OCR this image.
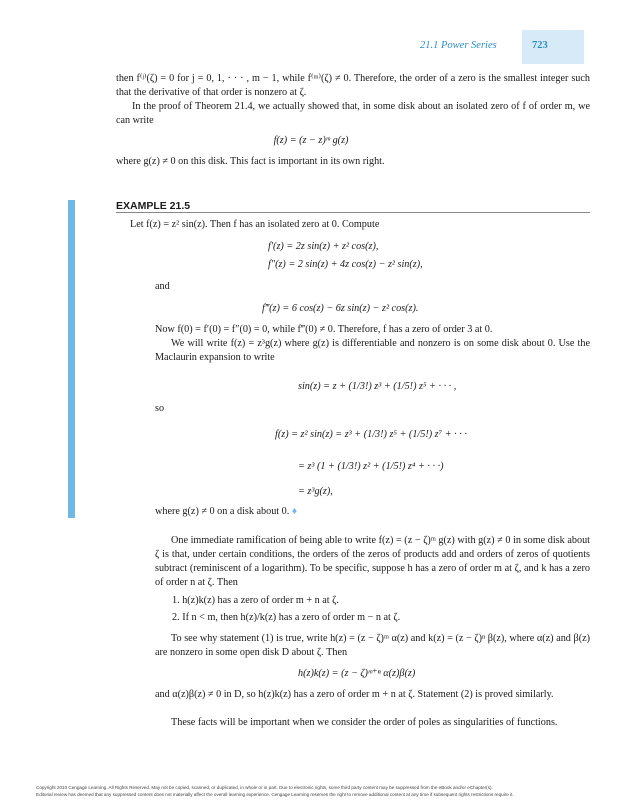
21.1 Power Series	723
then f⁽ʲ⁾(ζ) = 0 for j = 0, 1, · · · , m − 1, while f⁽ᵐ⁾(ζ) ≠ 0. Therefore, the order of a zero is the smallest integer such that the derivative of that order is nonzero at ζ.
In the proof of Theorem 21.4, we actually showed that, in some disk about an isolated zero of f of order m, we can write
f(z) = (z − z)ᵐ g(z)
where g(z) ≠ 0 on this disk. This fact is important in its own right.
EXAMPLE 21.5
Let f(z) = z² sin(z). Then f has an isolated zero at 0. Compute
f′(z) = 2z sin(z) + z² cos(z),
f″(z) = 2 sin(z) + 4z cos(z) − z² sin(z),
and
f‴(z) = 6 cos(z) − 6z sin(z) − z² cos(z).
Now f(0) = f′(0) = f″(0) = 0, while f‴(0) ≠ 0. Therefore, f has a zero of order 3 at 0.
We will write f(z) = z³g(z) where g(z) is differentiable and nonzero is on some disk about 0. Use the Maclaurin expansion to write
sin(z) = z + (1/3!) z³ + (1/5!) z⁵ + · · · ,
so
f(z) = z² sin(z) = z³ + (1/3!) z⁵ + (1/5!) z⁷ + · · ·
= z³ (1 + (1/3!) z² + (1/5!) z⁴ + · · ·)
= z³g(z),
where g(z) ≠ 0 on a disk about 0. ♦
One immediate ramification of being able to write f(z) = (z − ζ)ᵐ g(z) with g(z) ≠ 0 in some disk about ζ is that, under certain conditions, the orders of the zeros of products add and orders of zeros of quotients subtract (reminiscent of a logarithm). To be specific, suppose h has a zero of order m at ζ, and k has a zero of order n at ζ. Then
1. h(z)k(z) has a zero of order m + n at ζ.
2. If n < m, then h(z)/k(z) has a zero of order m − n at ζ.
To see why statement (1) is true, write h(z) = (z − ζ)ᵐ α(z) and k(z) = (z − ζ)ⁿ β(z), where α(z) and β(z) are nonzero in some open disk D about ζ. Then
h(z)k(z) = (z − ζ)ᵐ⁺ⁿ α(z)β(z)
and α(z)β(z) ≠ 0 in D, so h(z)k(z) has a zero of order m + n at ζ. Statement (2) is proved similarly.
These facts will be important when we consider the order of poles as singularities of functions.
Copyright 2010 Cengage Learning. All Rights Reserved. May not be copied, scanned, or duplicated, in whole or in part. Due to electronic rights, some third party content may be suppressed from the eBook and/or eChapter(s).
Editorial review has deemed that any suppressed content does not materially affect the overall learning experience. Cengage Learning reserves the right to remove additional content at any time if subsequent rights restrictions require it.
